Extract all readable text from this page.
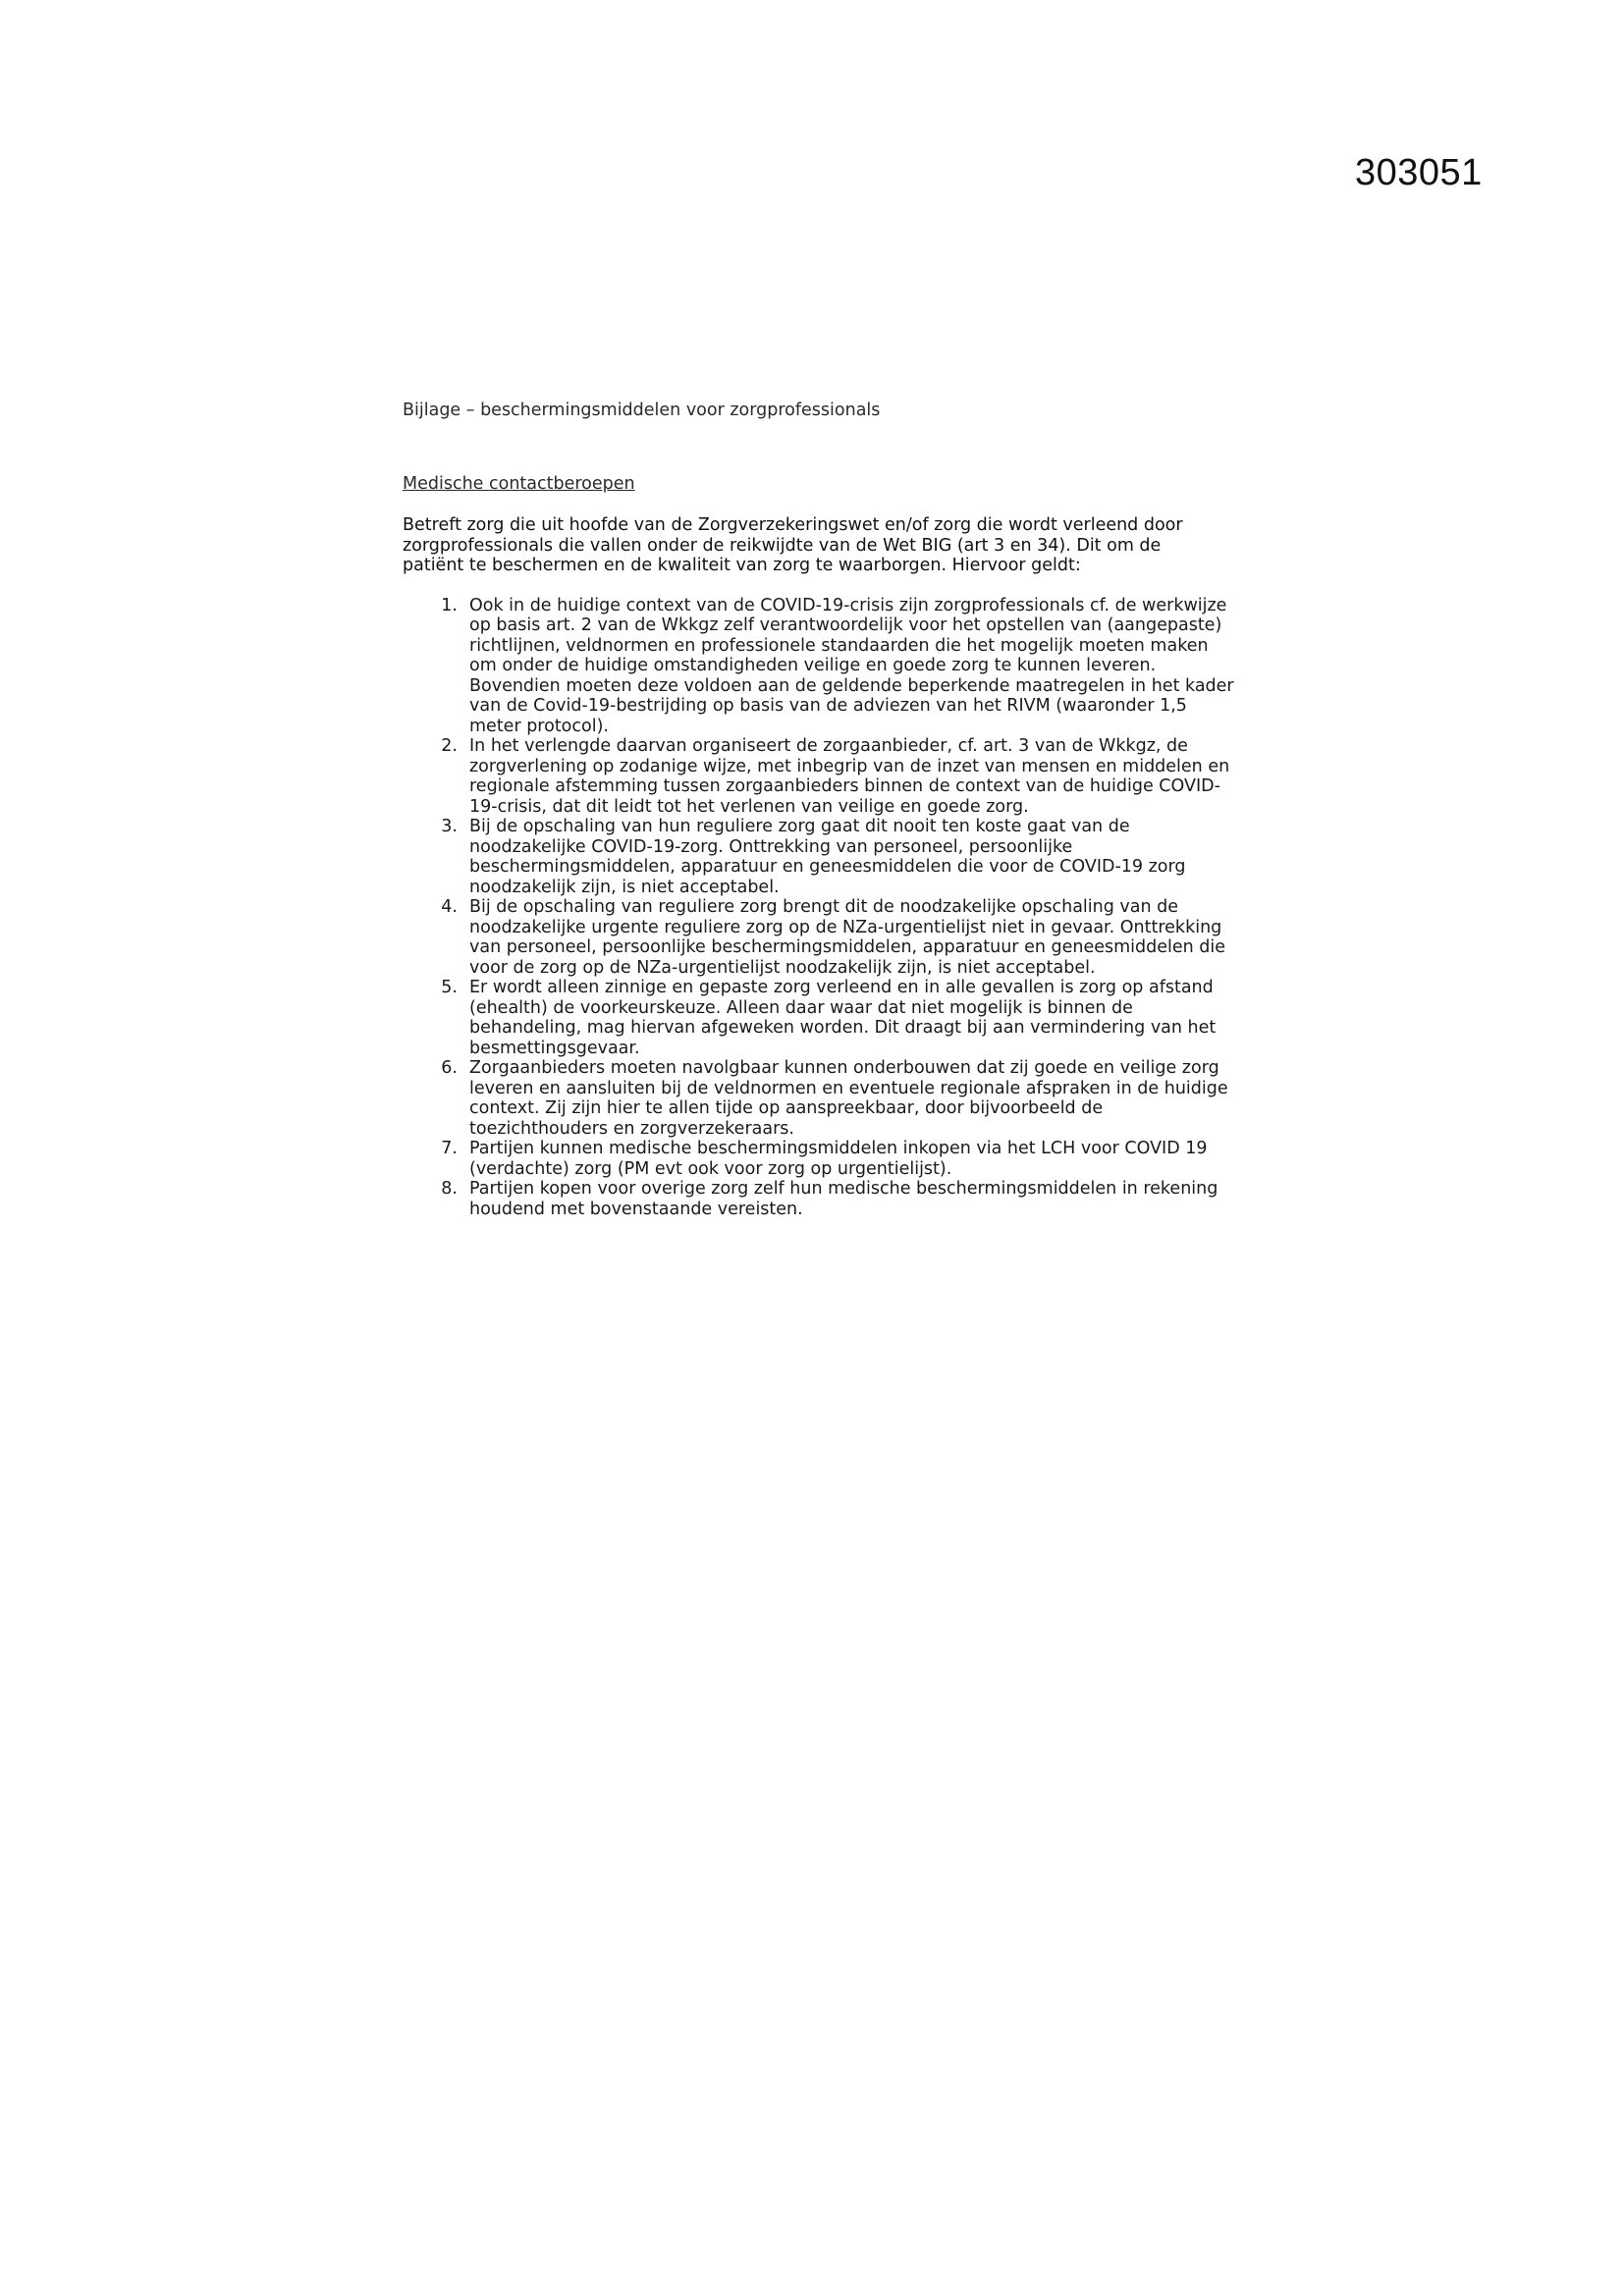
303051
Bijlage – beschermingsmiddelen voor zorgprofessionals
Medische contactberoepen

Betreft zorg die uit hoofde van de Zorgverzekeringswet en/of zorg die wordt verleend door zorgprofessionals die vallen onder de reikwijdte van de Wet BIG (art 3 en 34). Dit om de patiënt te beschermen en de kwaliteit van zorg te waarborgen. Hiervoor geldt:

1. Ook in de huidige context van de COVID-19-crisis zijn zorgprofessionals cf. de werkwijze op basis art. 2 van de Wkkgz zelf verantwoordelijk voor het opstellen van (aangepaste) richtlijnen, veldnormen en professionele standaarden die het mogelijk moeten maken om onder de huidige omstandigheden veilige en goede zorg te kunnen leveren. Bovendien moeten deze voldoen aan de geldende beperkende maatregelen in het kader van de Covid-19-bestrijding op basis van de adviezen van het RIVM (waaronder 1,5 meter protocol).
2. In het verlengde daarvan organiseert de zorgaanbieder, cf. art. 3 van de Wkkgz, de zorgverlening op zodanige wijze, met inbegrip van de inzet van mensen en middelen en regionale afstemming tussen zorgaanbieders binnen de context van de huidige COVID-19-crisis, dat dit leidt tot het verlenen van veilige en goede zorg.
3. Bij de opschaling van hun reguliere zorg gaat dit nooit ten koste gaat van de noodzakelijke COVID-19-zorg. Onttrekking van personeel, persoonlijke beschermingsmiddelen, apparatuur en geneesmiddelen die voor de COVID-19 zorg noodzakelijk zijn, is niet acceptabel.
4. Bij de opschaling van reguliere zorg brengt dit de noodzakelijke opschaling van de noodzakelijke urgente reguliere zorg op de NZa-urgentielijst niet in gevaar. Onttrekking van personeel, persoonlijke beschermingsmiddelen, apparatuur en geneesmiddelen die voor de zorg op de NZa-urgentielijst noodzakelijk zijn, is niet acceptabel.
5. Er wordt alleen zinnige en gepaste zorg verleend en in alle gevallen is zorg op afstand (ehealth) de voorkeurskeuze. Alleen daar waar dat niet mogelijk is binnen de behandeling, mag hiervan afgeweken worden. Dit draagt bij aan vermindering van het besmettingsgevaar.
6. Zorgaanbieders moeten navolgbaar kunnen onderbouwen dat zij goede en veilige zorg leveren en aansluiten bij de veldnormen en eventuele regionale afspraken in de huidige context. Zij zijn hier te allen tijde op aanspreekbaar, door bijvoorbeeld de toezichthouders en zorgverzekeraars.
7. Partijen kunnen medische beschermingsmiddelen inkopen via het LCH voor COVID 19 (verdachte) zorg (PM evt ook voor zorg op urgentielijst).
8. Partijen kopen voor overige zorg zelf hun medische beschermingsmiddelen in rekening houdend met bovenstaande vereisten.
